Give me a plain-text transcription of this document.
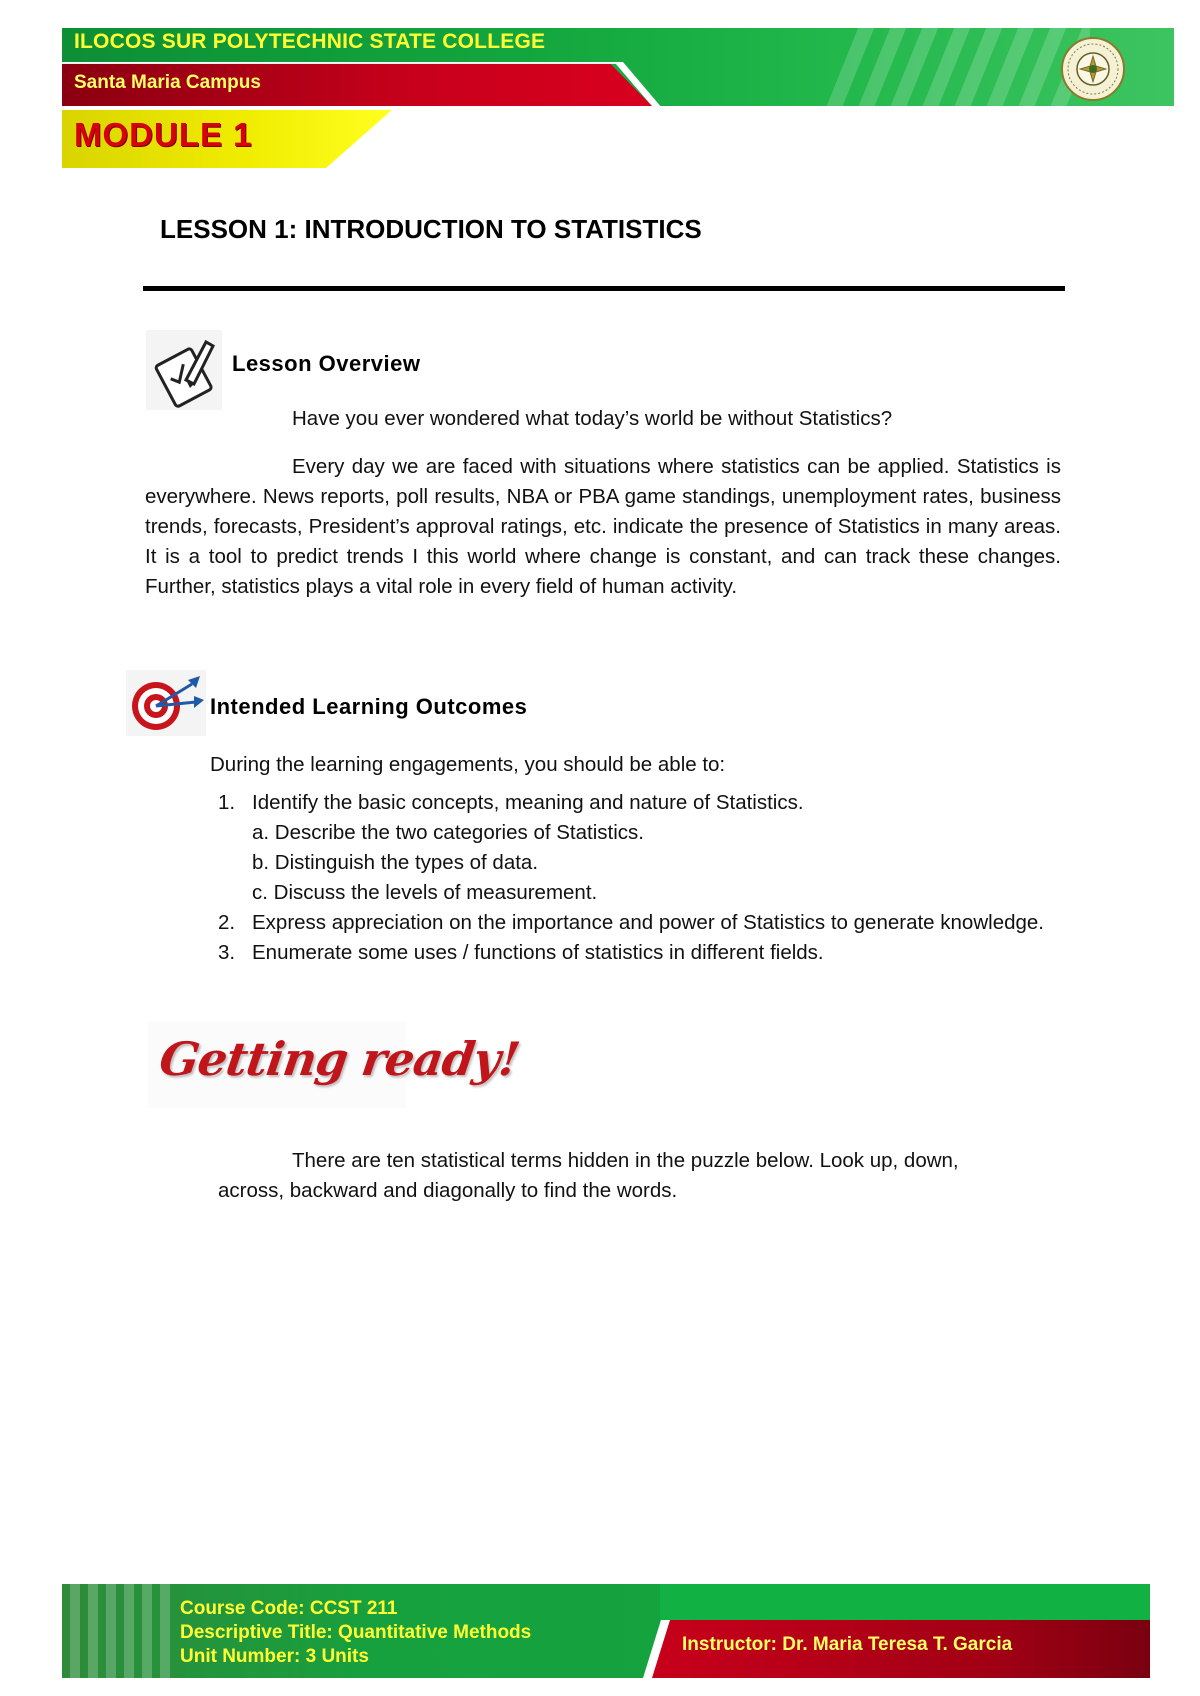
ILOCOS SUR POLYTECHNIC STATE COLLEGE
Santa Maria Campus
MODULE 1
LESSON 1: INTRODUCTION TO STATISTICS
Lesson Overview
Have you ever wondered what today’s world be without Statistics?
Every day we are faced with situations where statistics can be applied. Statistics is everywhere. News reports, poll results, NBA or PBA game standings, unemployment rates, business trends, forecasts, President’s approval ratings, etc. indicate the presence of Statistics in many areas. It is a tool to predict trends I this world where change is constant, and can track these changes. Further, statistics plays a vital role in every field of human activity.
Intended Learning Outcomes
During the learning engagements, you should be able to:
1. Identify the basic concepts, meaning and nature of Statistics.
a. Describe the two categories of Statistics.
b. Distinguish the types of data.
c. Discuss the levels of measurement.
2. Express appreciation on the importance and power of Statistics to generate knowledge.
3. Enumerate some uses / functions of statistics in different fields.
Getting ready!
There are ten statistical terms hidden in the puzzle below. Look up, down, across, backward and diagonally to find the words.
Course Code: CCST 211
Descriptive Title: Quantitative Methods
Unit Number: 3 Units
Instructor: Dr. Maria Teresa T. Garcia
